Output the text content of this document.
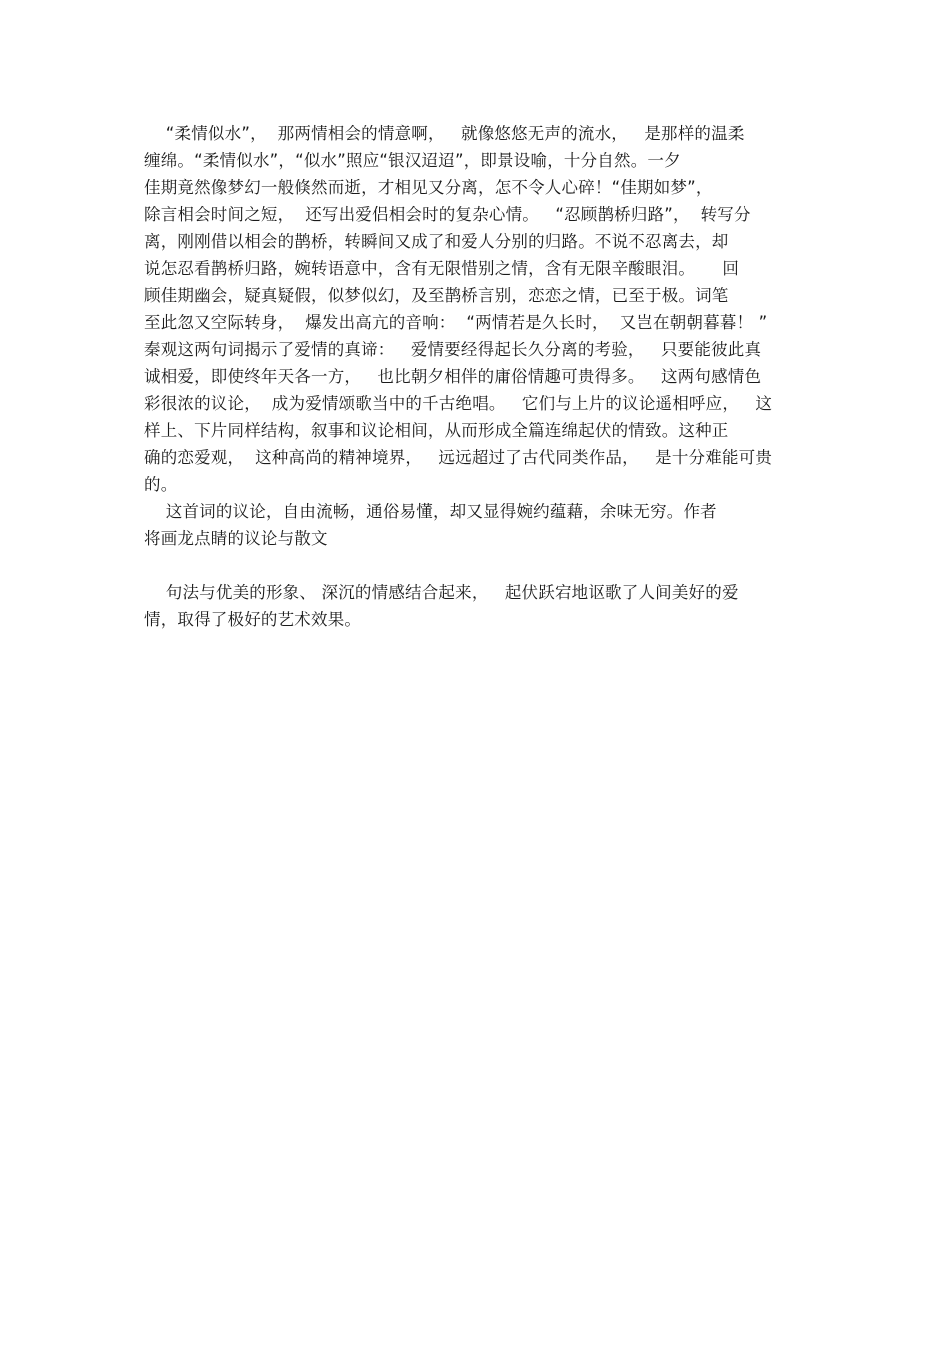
“柔情似水”，  那两情相会的情意啊，   就像悠悠无声的流水，   是那样的温柔
缠绵。“柔情似水”，“似水”照应“银汉迢迢”，即景设喻，十分自然。一夕
佳期竟然像梦幻一般倏然而逝，才相见又分离，怎不令人心碎！“佳期如梦”，
除言相会时间之短，  还写出爱侣相会时的复杂心情。   “忍顾鹊桥归路”，  转写分
离，刚刚借以相会的鹊桥，转瞬间又成了和爱人分别的归路。不说不忍离去，却
说怎忍看鹊桥归路，婉转语意中，含有无限惜别之情，含有无限辛酸眼泪。     回
顾佳期幽会，疑真疑假，似梦似幻，及至鹊桥言别，恋恋之情，已至于极。词笔
至此忽又空际转身，  爆发出高亢的音响：  “两情若是久长时，  又岂在朝朝暮暮！ ”
秦观这两句词揭示了爱情的真谛：   爱情要经得起长久分离的考验，   只要能彼此真
诚相爱，即使终年天各一方，   也比朝夕相伴的庸俗情趣可贵得多。   这两句感情色
彩很浓的议论，  成为爱情颂歌当中的千古绝唱。   它们与上片的议论遥相呼应，   这
样上、下片同样结构，叙事和议论相间，从而形成全篇连绵起伏的情致。这种正
确的恋爱观，  这种高尚的精神境界，   远远超过了古代同类作品，   是十分难能可贵
的。
这首词的议论，自由流畅，通俗易懂，却又显得婉约蕴藉，余味无穷。作者
将画龙点睛的议论与散文
句法与优美的形象、 深沉的情感结合起来，   起伏跃宕地讴歌了人间美好的爱
情，取得了极好的艺术效果。
